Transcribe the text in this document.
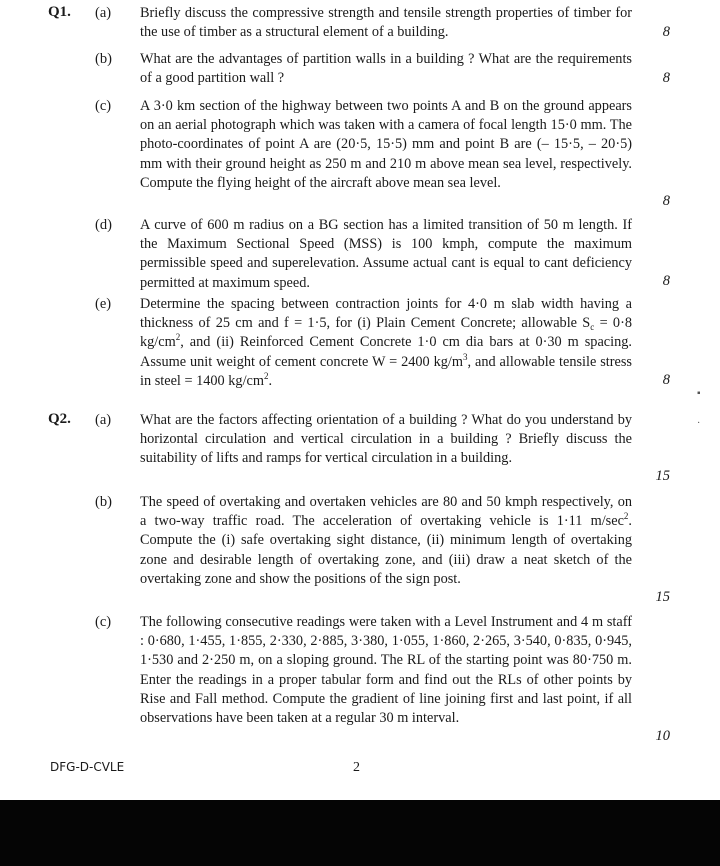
Q1. (a) Briefly discuss the compressive strength and tensile strength properties of timber for the use of timber as a structural element of a building.	8
(b) What are the advantages of partition walls in a building ? What are the requirements of a good partition wall ?	8
(c) A 3·0 km section of the highway between two points A and B on the ground appears on an aerial photograph which was taken with a camera of focal length 15·0 mm. The photo-coordinates of point A are (20·5, 15·5) mm and point B are (– 15·5, – 20·5) mm with their ground height as 250 m and 210 m above mean sea level, respectively. Compute the flying height of the aircraft above mean sea level.
8
(d) A curve of 600 m radius on a BG section has a limited transition of 50 m length. If the Maximum Sectional Speed (MSS) is 100 kmph, compute the maximum permissible speed and superelevation. Assume actual cant is equal to cant deficiency permitted at maximum speed.	8
(e) Determine the spacing between contraction joints for 4·0 m slab width having a thickness of 25 cm and f = 1·5, for (i) Plain Cement Concrete; allowable $S_c = 0\cdot 8$ $kg/cm^2$, and (ii) Reinforced Cement Concrete 1·0 cm dia bars at 0·30 m spacing. Assume unit weight of cement concrete W = 2400 $kg/m^3$, and allowable tensile stress in steel = 1400 $kg/cm^2$.	8
Q2. (a) What are the factors affecting orientation of a building ? What do you understand by horizontal circulation and vertical circulation in a building ? Briefly discuss the suitability of lifts and ramps for vertical circulation in a building.
15
(b) The speed of overtaking and overtaken vehicles are 80 and 50 kmph respectively, on a two-way traffic road. The acceleration of overtaking vehicle is 1·11 $m/\sec^2$. Compute the (i) safe overtaking sight distance, (ii) minimum length of overtaking zone and desirable length of overtaking zone, and (iii) draw a neat sketch of the overtaking zone and show the positions of the sign post.
15
(c) The following consecutive readings were taken with a Level Instrument and 4 m staff : 0·680, 1·455, 1·855, 2·330, 2·885, 3·380, 1·055, 1·860, 2·265, 3·540, 0·835, 0·945, 1·530 and 2·250 m, on a sloping ground. The RL of the starting point was 80·750 m. Enter the readings in a proper tabular form and find out the RLs of other points by Rise and Fall method. Compute the gradient of line joining first and last point, if all observations have been taken at a regular 30 m interval.
10
▪
·
DFG-D-CVLE	2
